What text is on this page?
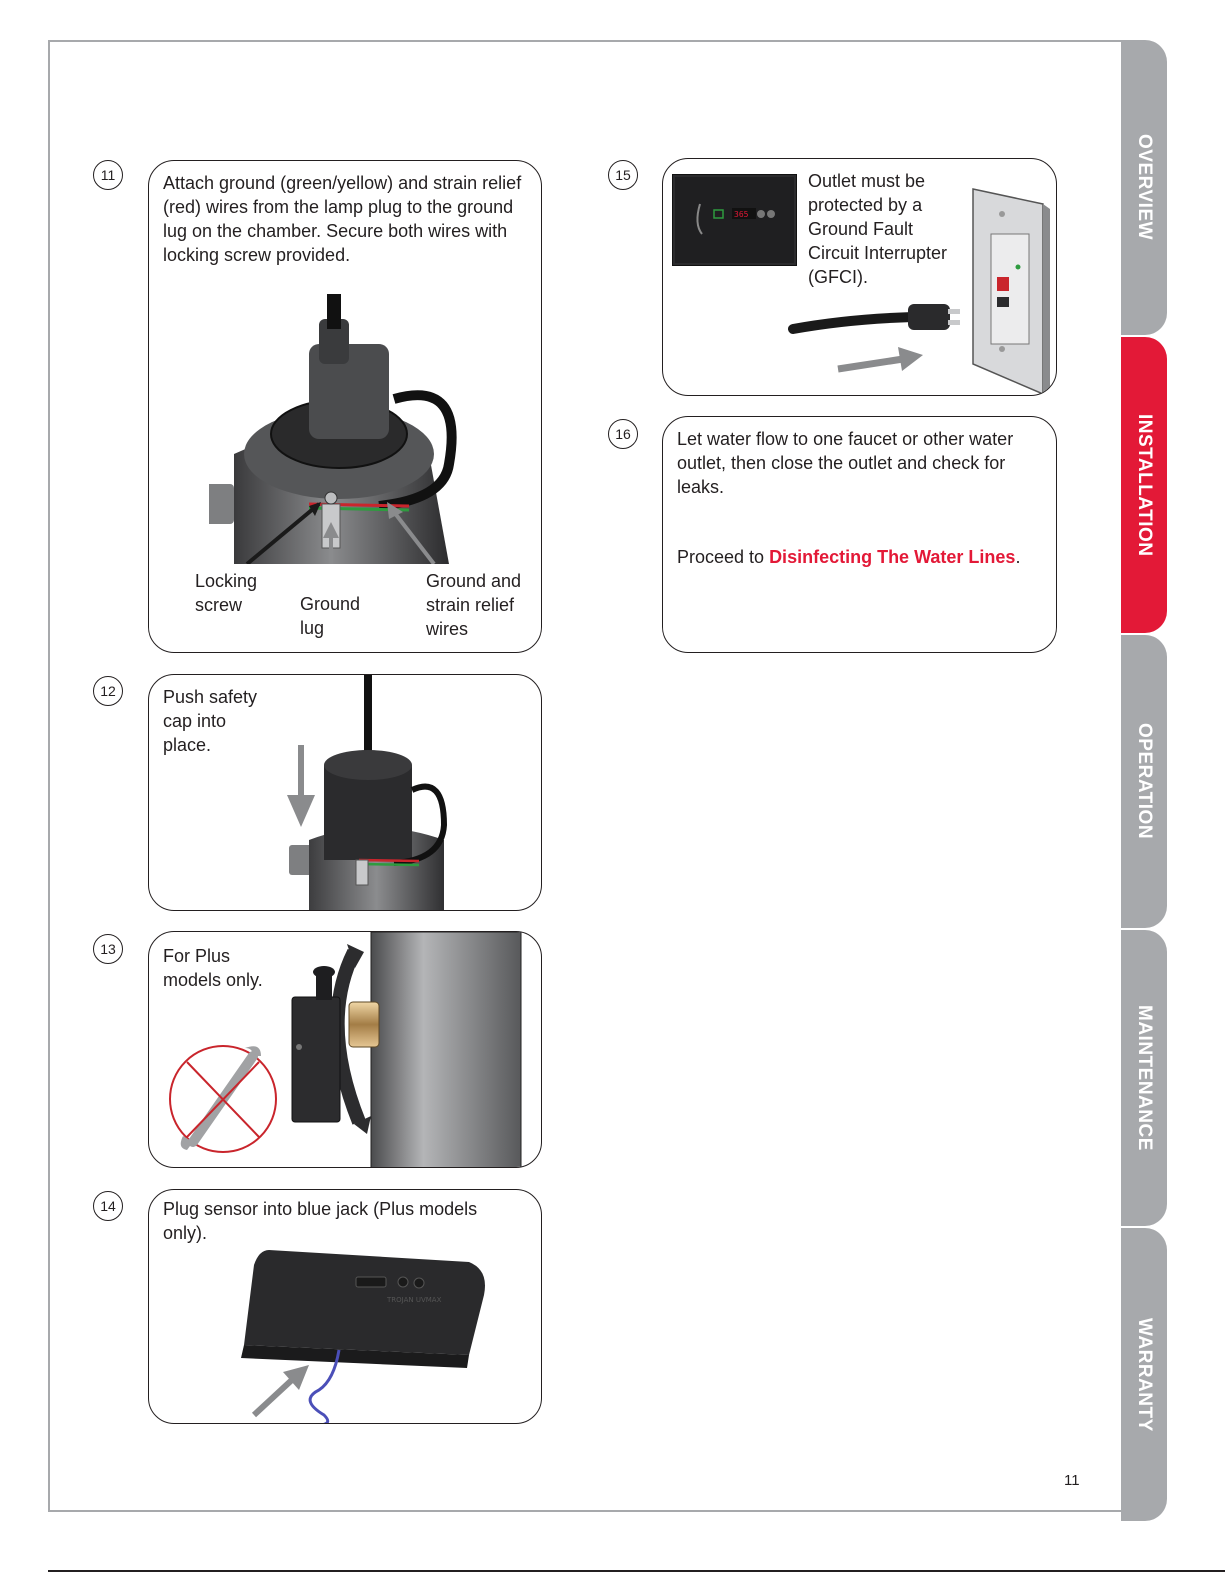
OVERVIEW
INSTALLATION
OPERATION
MAINTENANCE
WARRANTY
11	Attach ground (green/yellow) and strain relief (red) wires from the lamp plug to the ground lug on the chamber. Secure both wires with locking screw provided.
Locking
screw	Ground
lug
Ground and
strain relief
wires
12	Push safety cap into place.
13	For Plus models only.
14	Plug sensor into blue jack (Plus models only).
TROJAN UVMAX
15
365
Outlet must be protected by a Ground Fault Circuit Interrupter (GFCI).
16	Let water flow to one faucet or other water outlet, then close the outlet and check for leaks.
Proceed to Disinfecting The Water Lines.
11
